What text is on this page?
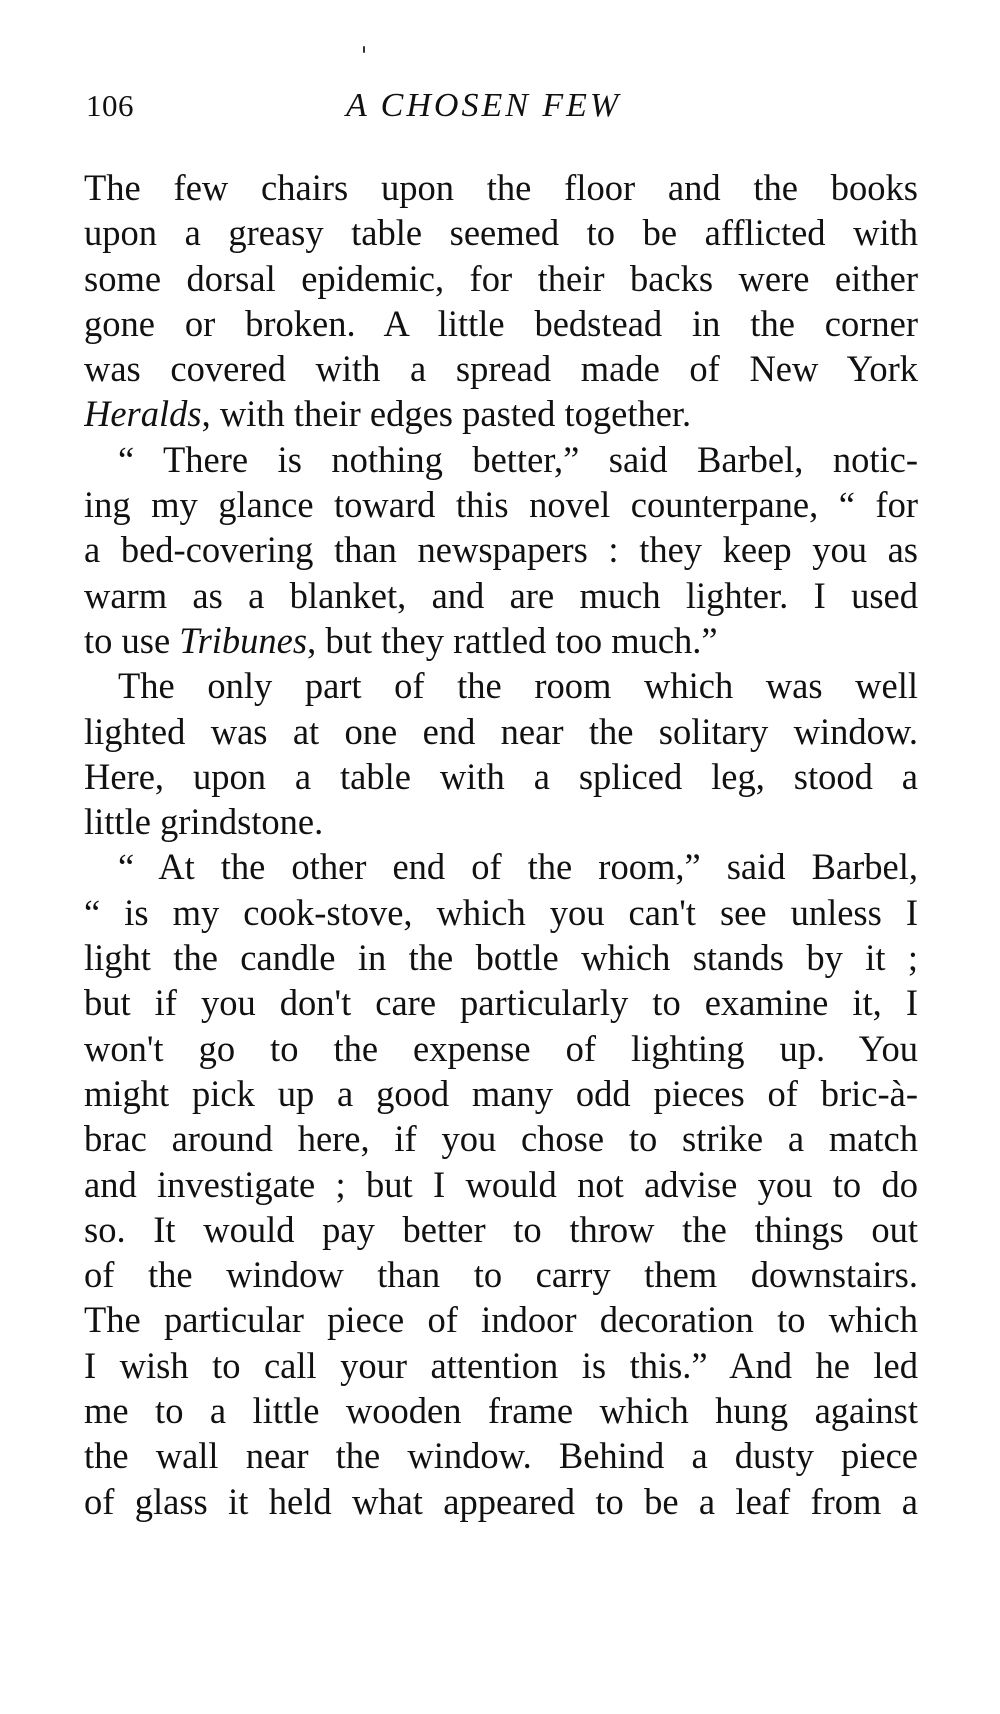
106	A CHOSEN FEW
The few chairs upon the floor and the books
upon a greasy table seemed to be afflicted with
some dorsal epidemic, for their backs were either
gone or broken. A little bedstead in the corner
was covered with a spread made of New York
Heralds, with their edges pasted together.
“ There is nothing better,” said Barbel, notic-
ing my glance toward this novel counterpane, “ for
a bed-covering than newspapers : they keep you as
warm as a blanket, and are much lighter. I used
to use Tribunes, but they rattled too much.”
The only part of the room which was well
lighted was at one end near the solitary window.
Here, upon a table with a spliced leg, stood a
little grindstone.
“ At the other end of the room,” said Barbel,
“ is my cook-stove, which you can't see unless I
light the candle in the bottle which stands by it ;
but if you don't care particularly to examine it, I
won't go to the expense of lighting up. You
might pick up a good many odd pieces of bric-à-
brac around here, if you chose to strike a match
and investigate ; but I would not advise you to do
so. It would pay better to throw the things out
of the window than to carry them downstairs.
The particular piece of indoor decoration to which
I wish to call your attention is this.” And he led
me to a little wooden frame which hung against
the wall near the window. Behind a dusty piece
of glass it held what appeared to be a leaf from a
